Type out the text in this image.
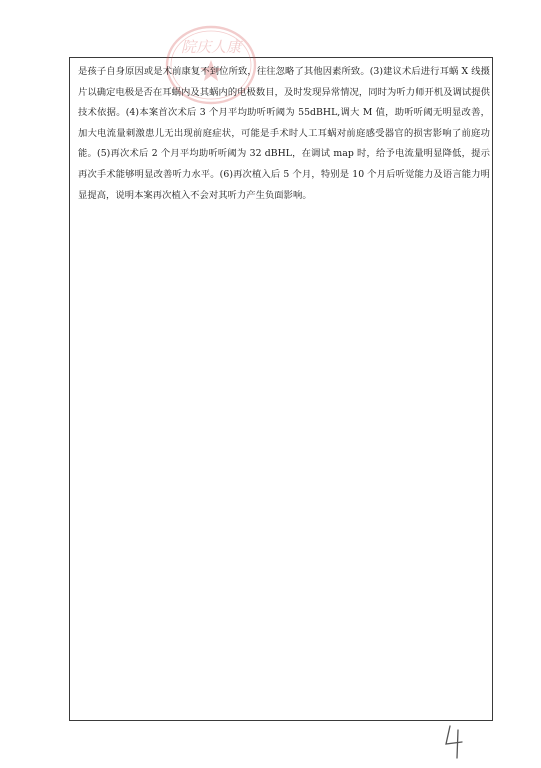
院庆人康

是孩子自身原因或是术前康复不到位所致，往往忽略了其他因素所致。(3)建议术后进行耳蜗 X 线摄片以确定电极是否在耳蜗内及其蜗内的电极数目，及时发现异常情况，同时为听力师开机及调试提供技术依据。(4)本案首次术后 3 个月平均助听听阈为 55dBHL,调大 M 值，助听听阈无明显改善，加大电流量刺激患儿无出现前庭症状，可能是手术时人工耳蜗对前庭感受器官的损害影响了前庭功能。(5)再次术后 2 个月平均助听听阈为 32 dBHL，在调试 map 时，给予电流量明显降低，提示再次手术能够明显改善听力水平。(6)再次植入后 5 个月，特别是 10 个月后听觉能力及语言能力明显提高，说明本案再次植入不会对其听力产生负面影响。
